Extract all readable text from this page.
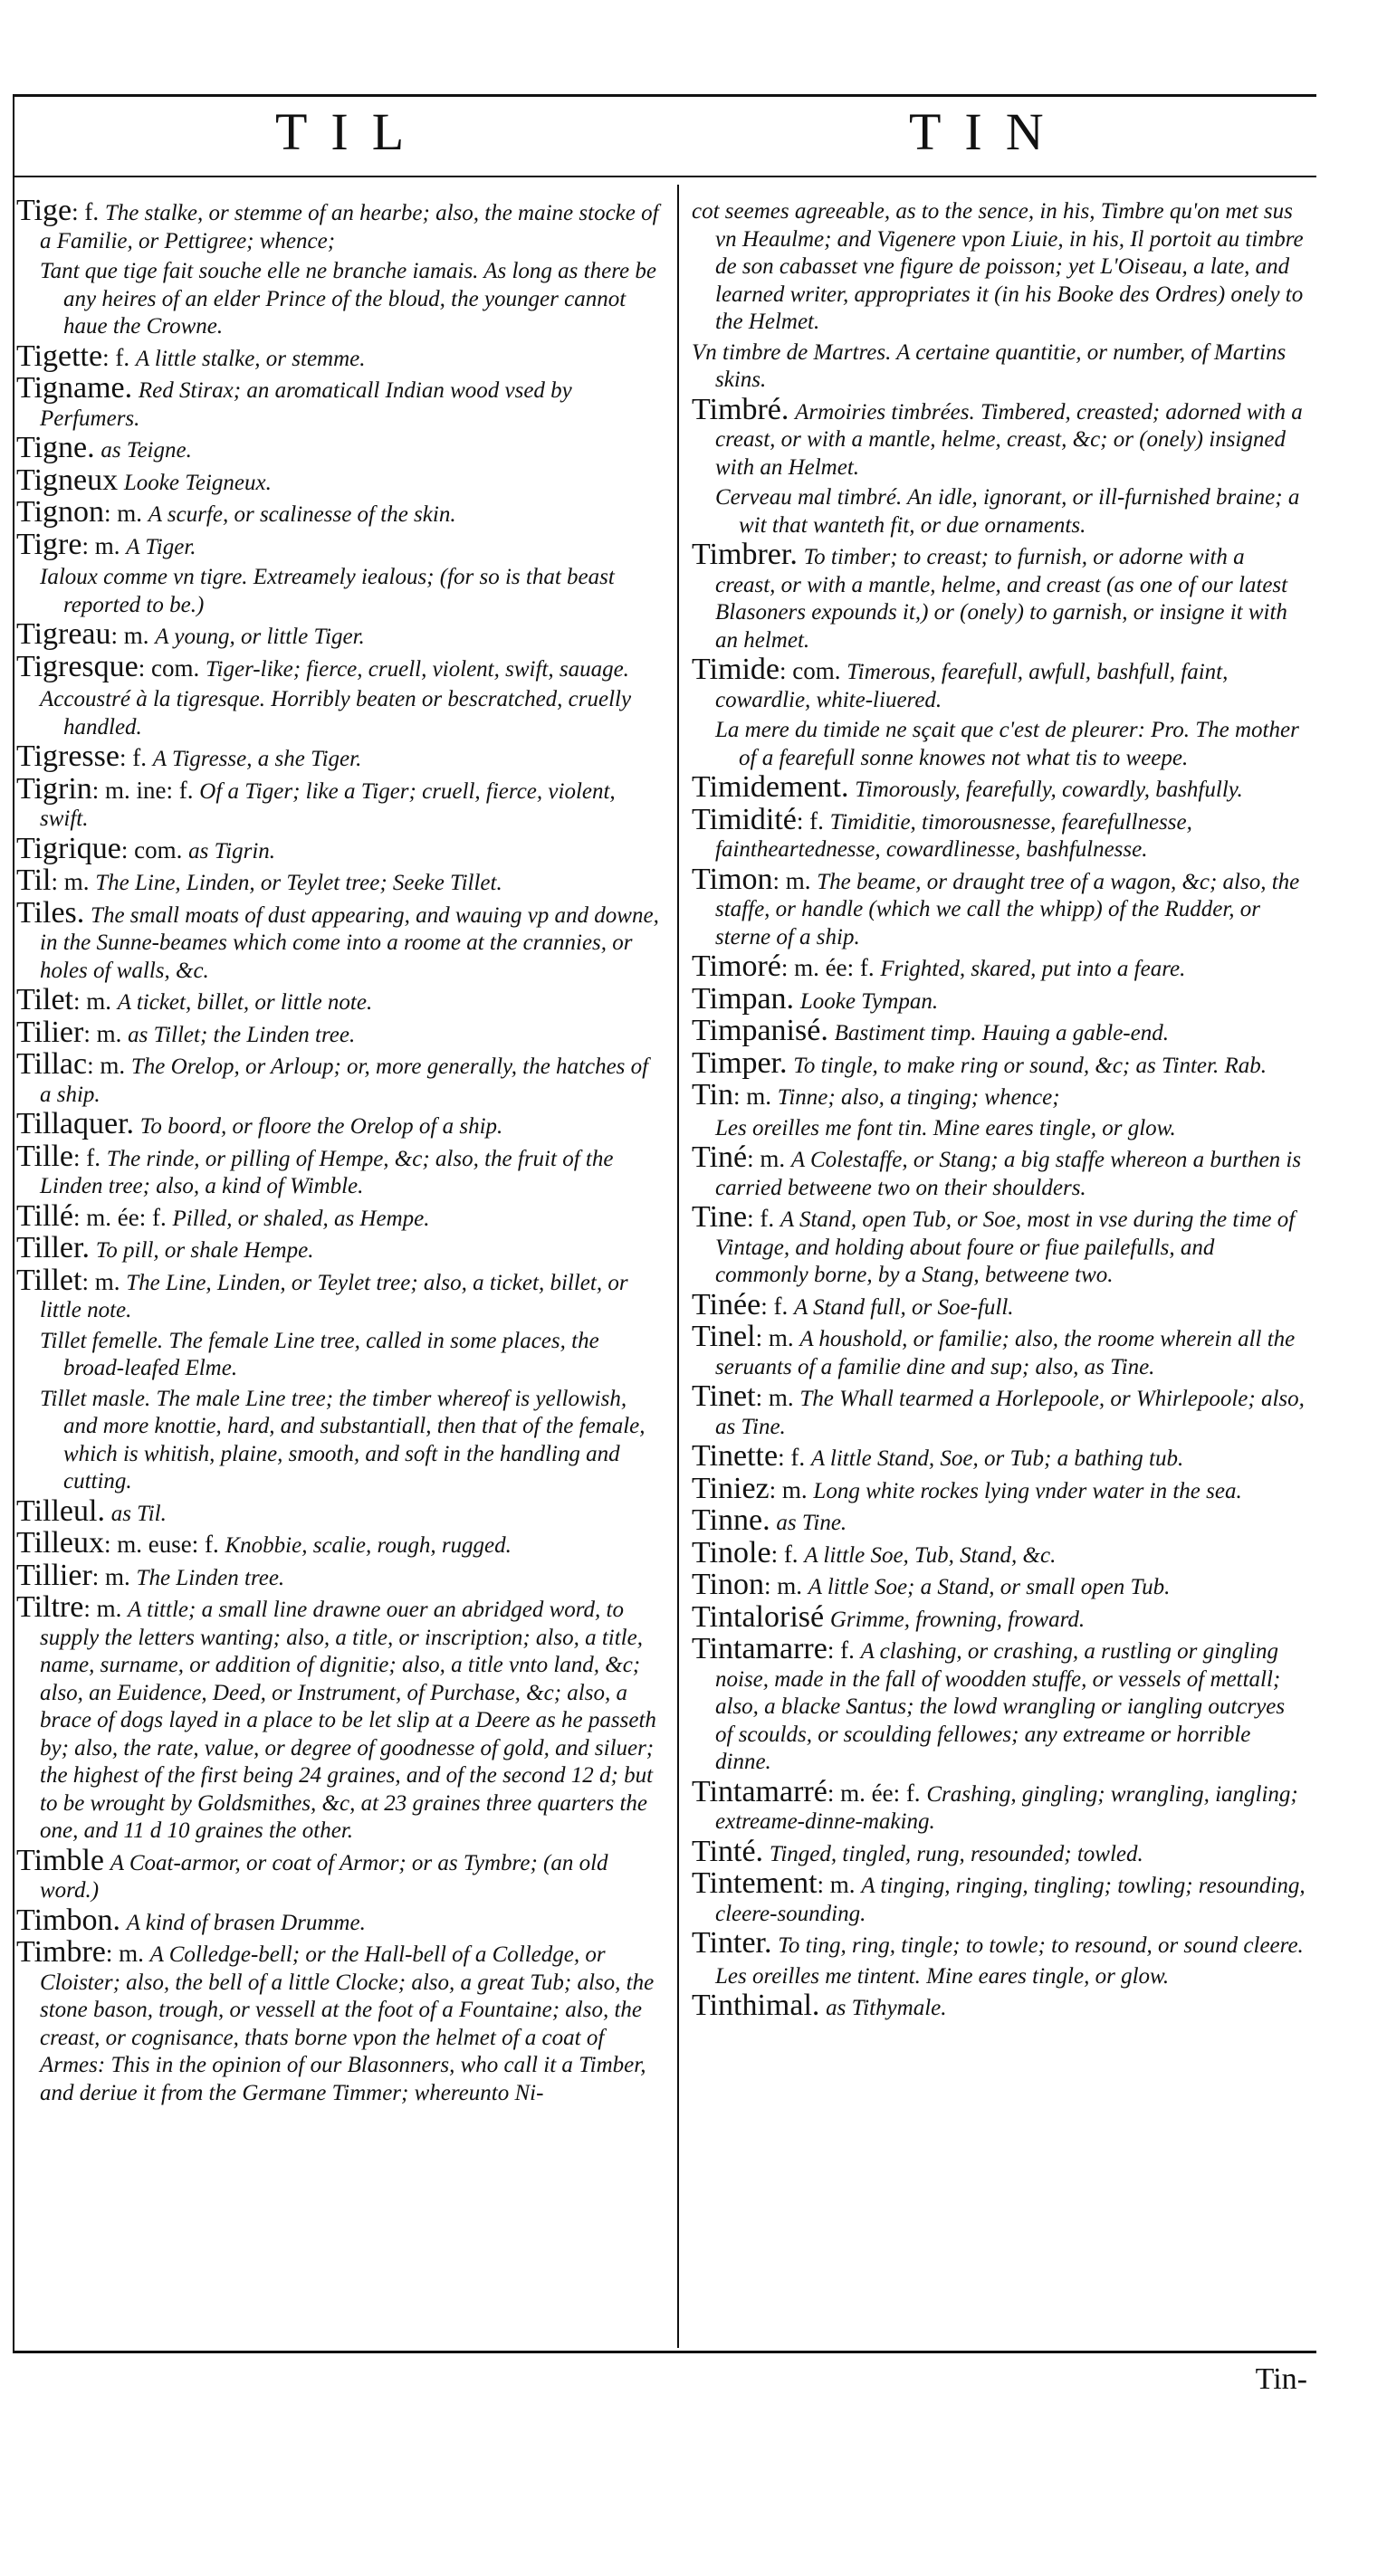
TIL	TIN

Tige: f. The stalke, or stemme of an hearbe; also, the maine stocke of a Familie, or Pettigree; whence;

Tant que tige fait souche elle ne branche iamais. As long as there be any heires of an elder Prince of the bloud, the younger cannot haue the Crowne.

Tigette: f. A little stalke, or stemme.

Tigname. Red Stirax; an aromaticall Indian wood vsed by Perfumers.

Tigne. as Teigne.

Tigneux Looke Teigneux.

Tignon: m. A scurfe, or scalinesse of the skin.

Tigre: m. A Tiger.

Ialoux comme vn tigre. Extreamely iealous; (for so is that beast reported to be.)

Tigreau: m. A young, or little Tiger.

Tigresque: com. Tiger-like; fierce, cruell, violent, swift, sauage.

Accoustré à la tigresque. Horribly beaten or bescratched, cruelly handled.

Tigresse: f. A Tigresse, a she Tiger.

Tigrin: m. ine: f. Of a Tiger; like a Tiger; cruell, fierce, violent, swift.

Tigrique: com. as Tigrin.

Til: m. The Line, Linden, or Teylet tree; Seeke Tillet.

Tiles. The small moats of dust appearing, and wauing vp and downe, in the Sunne-beames which come into a roome at the crannies, or holes of walls, &c.

Tilet: m. A ticket, billet, or little note.

Tilier: m. as Tillet; the Linden tree.

Tillac: m. The Orelop, or Arloup; or, more generally, the hatches of a ship.

Tillaquer. To boord, or floore the Orelop of a ship.

Tille: f. The rinde, or pilling of Hempe, &c; also, the fruit of the Linden tree; also, a kind of Wimble.

Tillé: m. ée: f. Pilled, or shaled, as Hempe.

Tiller. To pill, or shale Hempe.

Tillet: m. The Line, Linden, or Teylet tree; also, a ticket, billet, or little note.

Tillet femelle. The female Line tree, called in some places, the broad-leafed Elme.

Tillet masle. The male Line tree; the timber whereof is yellowish, and more knottie, hard, and substantiall, then that of the female, which is whitish, plaine, smooth, and soft in the handling and cutting.

Tilleul. as Til.

Tilleux: m. euse: f. Knobbie, scalie, rough, rugged.

Tillier: m. The Linden tree.

Tiltre: m. A tittle; a small line drawne ouer an abridged word, to supply the letters wanting; also, a title, or inscription; also, a title, name, surname, or addition of dignitie; also, a title vnto land, &c; also, an Euidence, Deed, or Instrument, of Purchase, &c; also, a brace of dogs layed in a place to be let slip at a Deere as he passeth by; also, the rate, value, or degree of goodnesse of gold, and siluer; the highest of the first being 24 graines, and of the second 12 d; but to be wrought by Goldsmithes, &c, at 23 graines three quarters the one, and 11 d 10 graines the other.

Timble A Coat-armor, or coat of Armor; or as Tymbre; (an old word.)

Timbon. A kind of brasen Drumme.

Timbre: m. A Colledge-bell; or the Hall-bell of a Colledge, or Cloister; also, the bell of a little Clocke; also, a great Tub; also, the stone bason, trough, or vessell at the foot of a Fountaine; also, the creast, or cognisance, thats borne vpon the helmet of a coat of Armes: This in the opinion of our Blasonners, who call it a Timber, and deriue it from the Germane Timmer; whereunto Ni-

cot seemes agreeable, as to the sence, in his, Timbre qu'on met sus vn Heaulme; and Vigenere vpon Liuie, in his, Il portoit au timbre de son cabasset vne figure de poisson; yet L'Oiseau, a late, and learned writer, appropriates it (in his Booke des Ordres) onely to the Helmet.

Vn timbre de Martres. A certaine quantitie, or number, of Martins skins.

Timbré. Armoiries timbrées. Timbered, creasted; adorned with a creast, or with a mantle, helme, creast, &c; or (onely) insigned with an Helmet.

Cerveau mal timbré. An idle, ignorant, or ill-furnished braine; a wit that wanteth fit, or due ornaments.

Timbrer. To timber; to creast; to furnish, or adorne with a creast, or with a mantle, helme, and creast (as one of our latest Blasoners expounds it,) or (onely) to garnish, or insigne it with an helmet.

Timide: com. Timerous, fearefull, awfull, bashfull, faint, cowardlie, white-liuered.

La mere du timide ne sçait que c'est de pleurer: Pro. The mother of a fearefull sonne knowes not what tis to weepe.

Timidement. Timorously, fearefully, cowardly, bashfully.

Timidité: f. Timiditie, timorousnesse, fearefullnesse, faintheartednesse, cowardlinesse, bashfulnesse.

Timon: m. The beame, or draught tree of a wagon, &c; also, the staffe, or handle (which we call the whipp) of the Rudder, or sterne of a ship.

Timoré: m. ée: f. Frighted, skared, put into a feare.

Timpan. Looke Tympan.

Timpanisé. Bastiment timp. Hauing a gable-end.

Timper. To tingle, to make ring or sound, &c; as Tinter. Rab.

Tin: m. Tinne; also, a tinging; whence;

Les oreilles me font tin. Mine eares tingle, or glow.

Tiné: m. A Colestaffe, or Stang; a big staffe whereon a burthen is carried betweene two on their shoulders.

Tine: f. A Stand, open Tub, or Soe, most in vse during the time of Vintage, and holding about foure or fiue pailefulls, and commonly borne, by a Stang, betweene two.

Tinée: f. A Stand full, or Soe-full.

Tinel: m. A houshold, or familie; also, the roome wherein all the seruants of a familie dine and sup; also, as Tine.

Tinet: m. The Whall tearmed a Horlepoole, or Whirlepoole; also, as Tine.

Tinette: f. A little Stand, Soe, or Tub; a bathing tub.

Tiniez: m. Long white rockes lying vnder water in the sea.

Tinne. as Tine.

Tinole: f. A little Soe, Tub, Stand, &c.

Tinon: m. A little Soe; a Stand, or small open Tub.

Tintalorisé Grimme, frowning, froward.

Tintamarre: f. A clashing, or crashing, a rustling or gingling noise, made in the fall of woodden stuffe, or vessels of mettall; also, a blacke Santus; the lowd wrangling or iangling outcryes of scoulds, or scoulding fellowes; any extreame or horrible dinne.

Tintamarré: m. ée: f. Crashing, gingling; wrangling, iangling; extreame-dinne-making.

Tinté. Tinged, tingled, rung, resounded; towled.

Tintement: m. A tinging, ringing, tingling; towling; resounding, cleere-sounding.

Tinter. To ting, ring, tingle; to towle; to resound, or sound cleere.

Les oreilles me tintent. Mine eares tingle, or glow.

Tinthimal. as Tithymale.

Tin-
